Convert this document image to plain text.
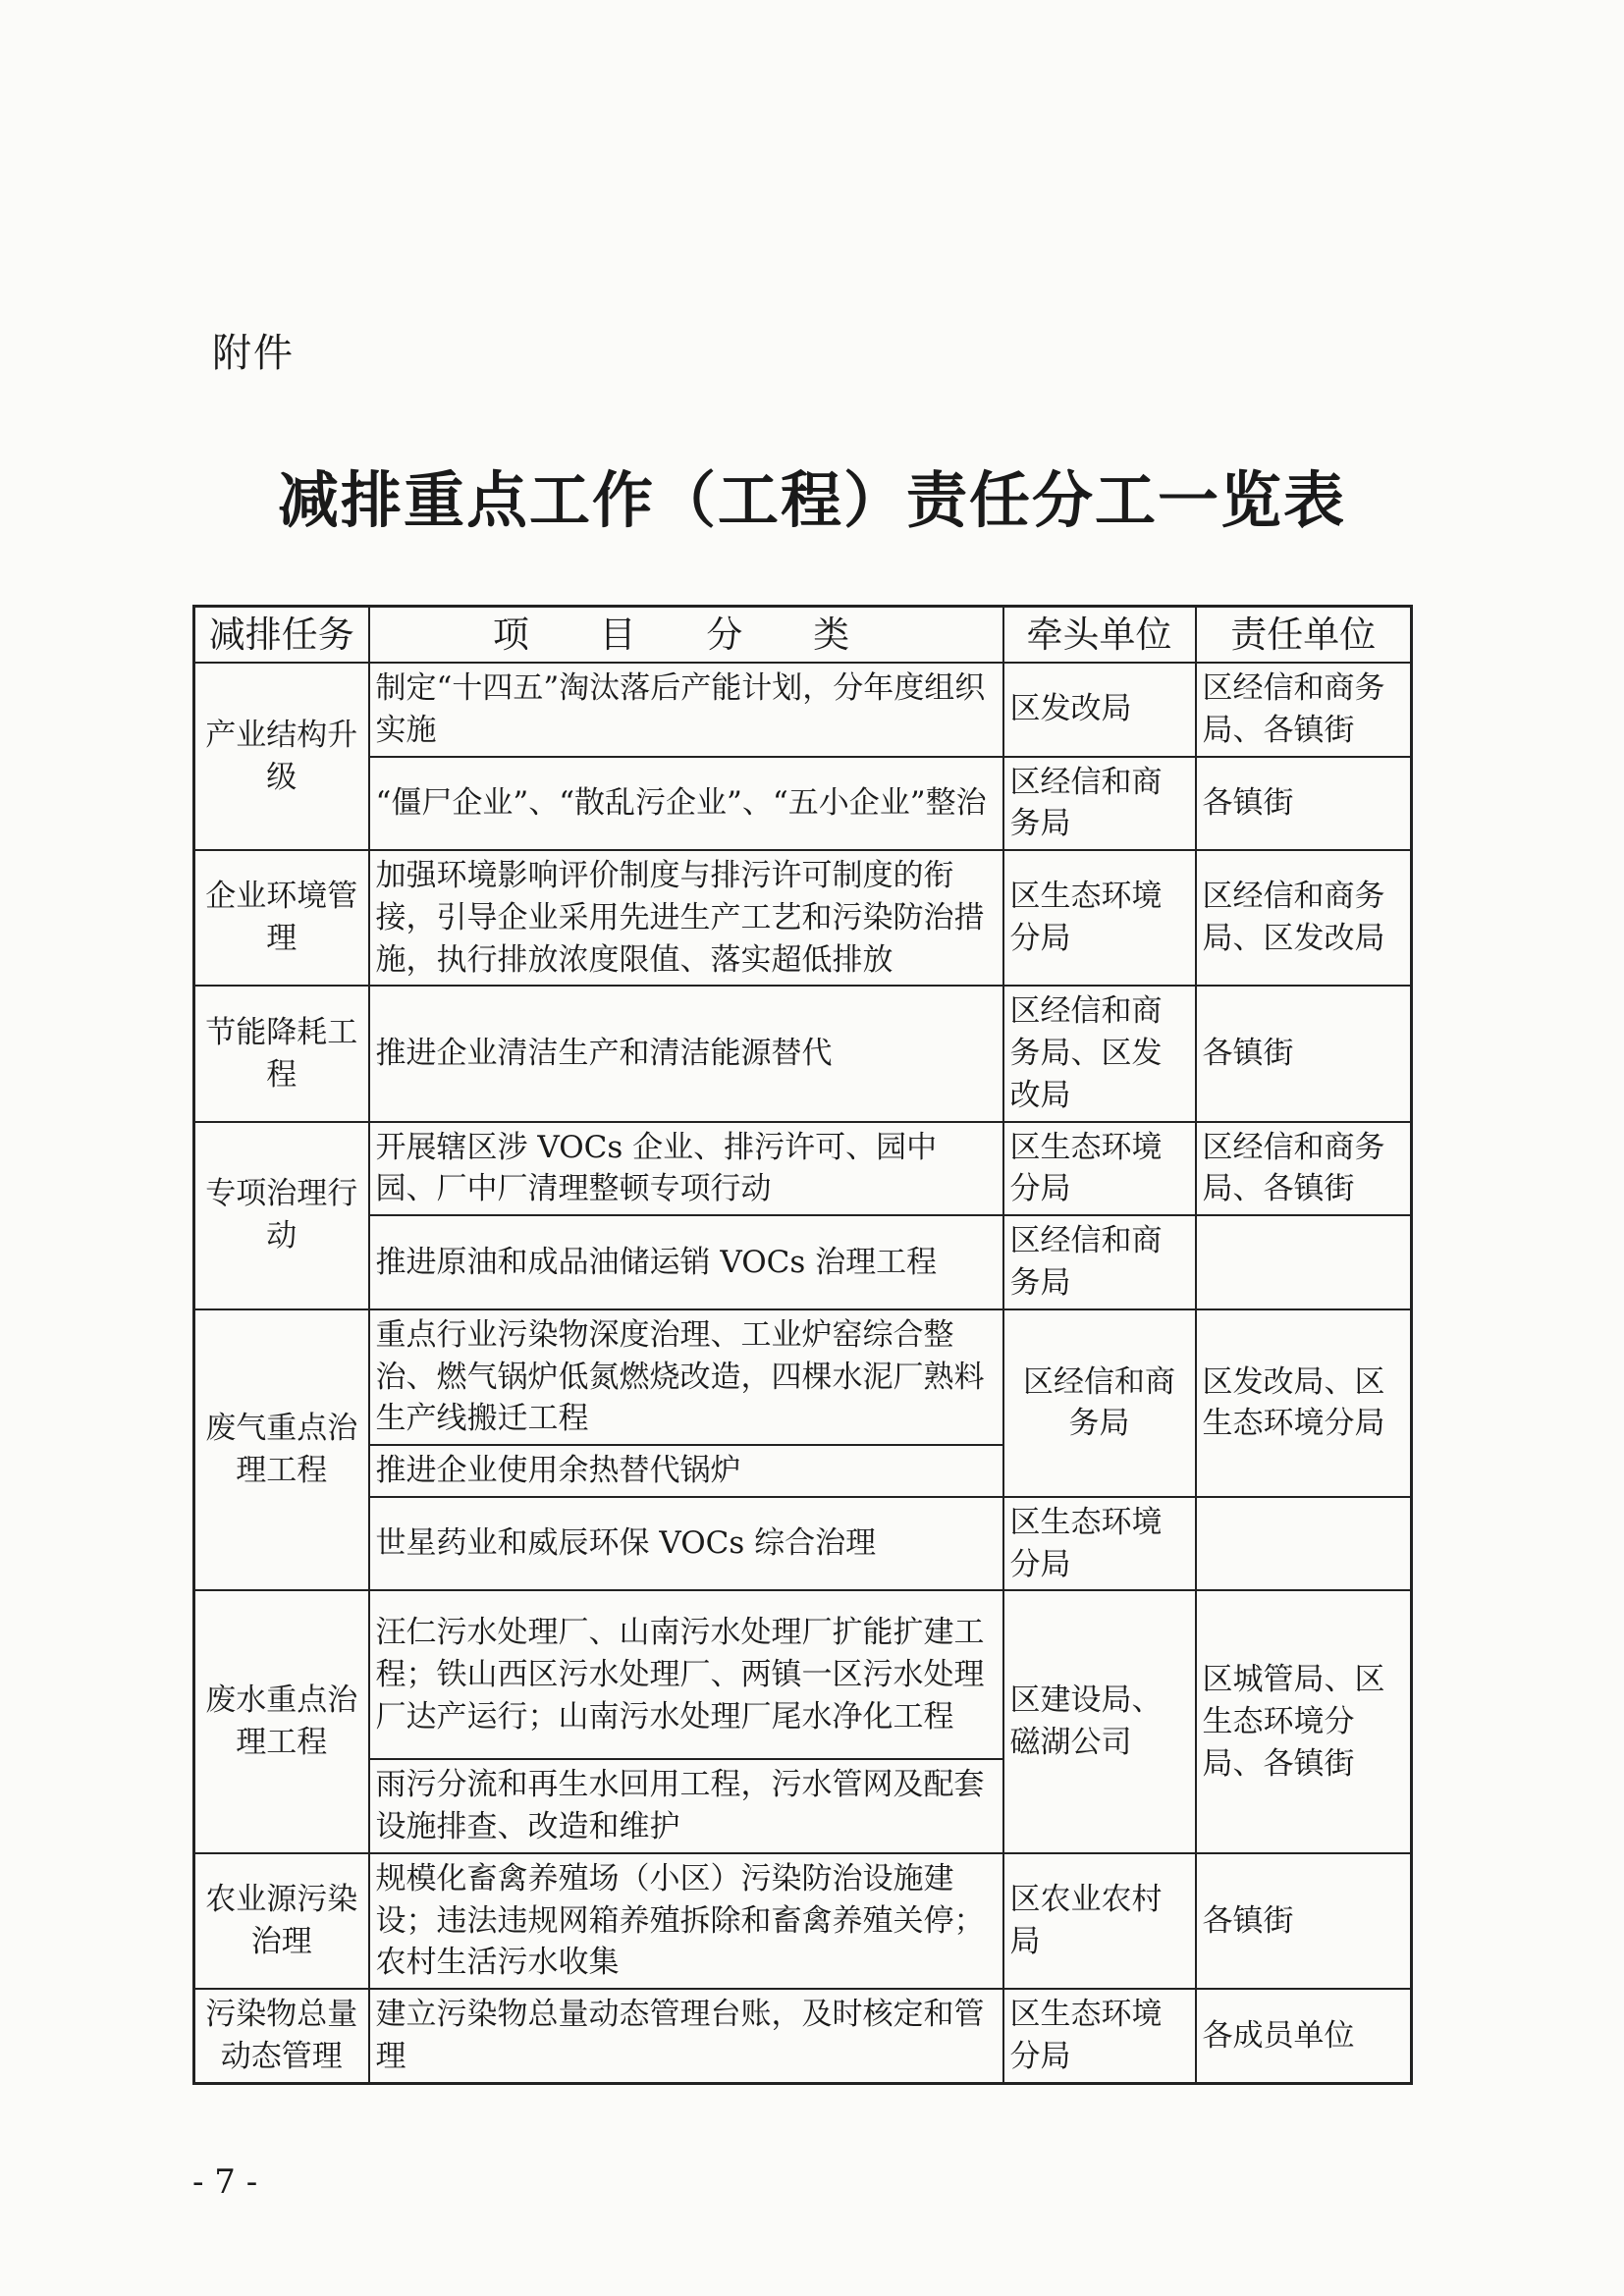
附件
减排重点工作（工程）责任分工一览表
减排任务	项 目 分 类	牵头单位	责任单位
产业结构升级	制定“十四五”淘汰落后产能计划，分年度组织实施	区发改局	区经信和商务局、各镇街
	“僵尸企业”、“散乱污企业”、“五小企业”整治	区经信和商务局	各镇街
企业环境管理	加强环境影响评价制度与排污许可制度的衔接，引导企业采用先进生产工艺和污染防治措施，执行排放浓度限值、落实超低排放	区生态环境分局	区经信和商务局、区发改局
节能降耗工程	推进企业清洁生产和清洁能源替代	区经信和商务局、区发改局	各镇街
专项治理行动	开展辖区涉 VOCs 企业、排污许可、园中园、厂中厂清理整顿专项行动	区生态环境分局	区经信和商务局、各镇街
	推进原油和成品油储运销 VOCs 治理工程	区经信和商务局	
废气重点治理工程	重点行业污染物深度治理、工业炉窑综合整治、燃气锅炉低氮燃烧改造，四棵水泥厂熟料生产线搬迁工程	区经信和商务局	区发改局、区生态环境分局
	推进企业使用余热替代锅炉		
	世星药业和威辰环保 VOCs 综合治理	区生态环境分局	
废水重点治理工程	汪仁污水处理厂、山南污水处理厂扩能扩建工程；铁山西区污水处理厂、两镇一区污水处理厂达产运行；山南污水处理厂尾水净化工程	区建设局、磁湖公司	区城管局、区生态环境分局、各镇街
	雨污分流和再生水回用工程，污水管网及配套设施排查、改造和维护		
农业源污染治理	规模化畜禽养殖场（小区）污染防治设施建设；违法违规网箱养殖拆除和畜禽养殖关停；农村生活污水收集	区农业农村局	各镇街
污染物总量动态管理	建立污染物总量动态管理台账，及时核定和管理	区生态环境分局	各成员单位
- 7 -
